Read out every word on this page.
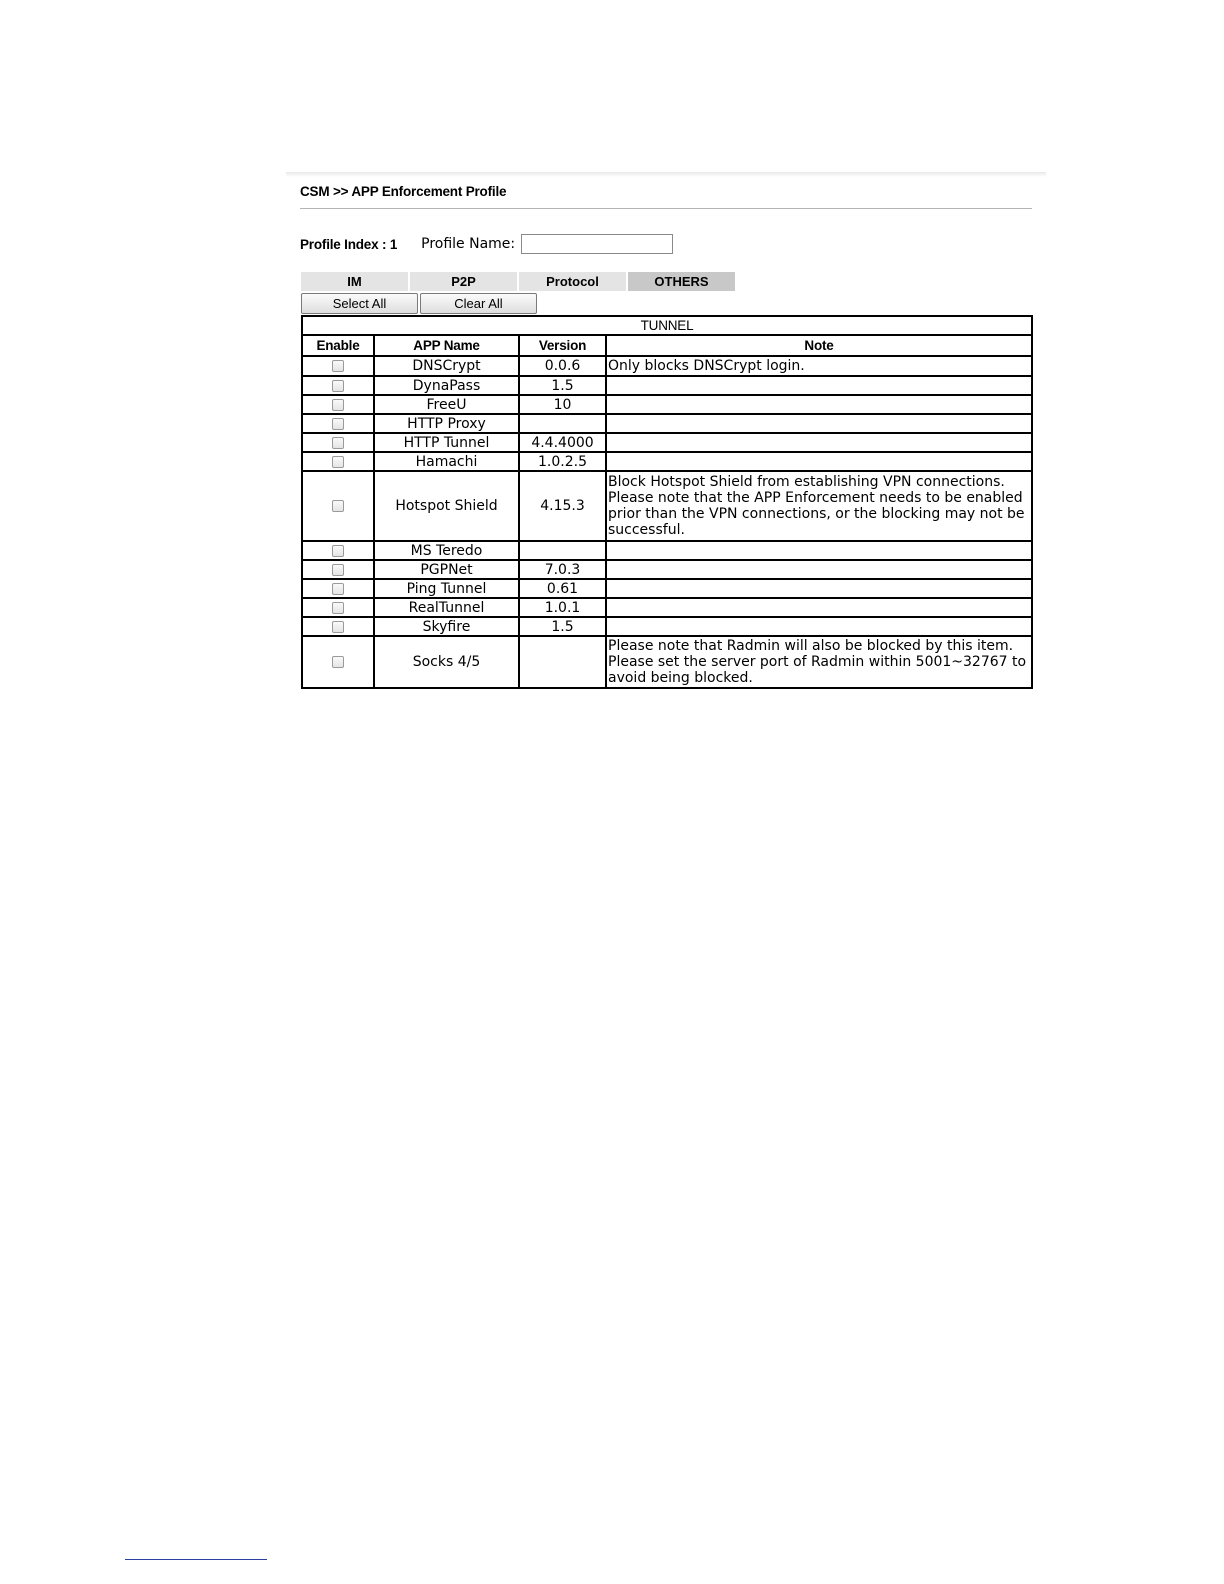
CSM >> APP Enforcement Profile
Profile Index : 1 Profile Name:
IM	P2P	Protocol	OTHERS
Select All	Clear All
TUNNEL			
Enable	APP Name	Version	Note
	DNSCrypt	0.0.6	Only blocks DNSCrypt login.
	DynaPass	1.5	
	FreeU	10	
	HTTP Proxy		
	HTTP Tunnel	4.4.4000	
	Hamachi	1.0.2.5	
	Hotspot Shield	4.15.3	Block Hotspot Shield from establishing VPN connections. Please note that the APP Enforcement needs to be enabled prior than the VPN connections, or the blocking may not be successful.
	MS Teredo		
	PGPNet	7.0.3	
	Ping Tunnel	0.61	
	RealTunnel	1.0.1	
	Skyfire	1.5	
	Socks 4/5		Please note that Radmin will also be blocked by this item. Please set the server port of Radmin within 5001~32767 to avoid being blocked.
